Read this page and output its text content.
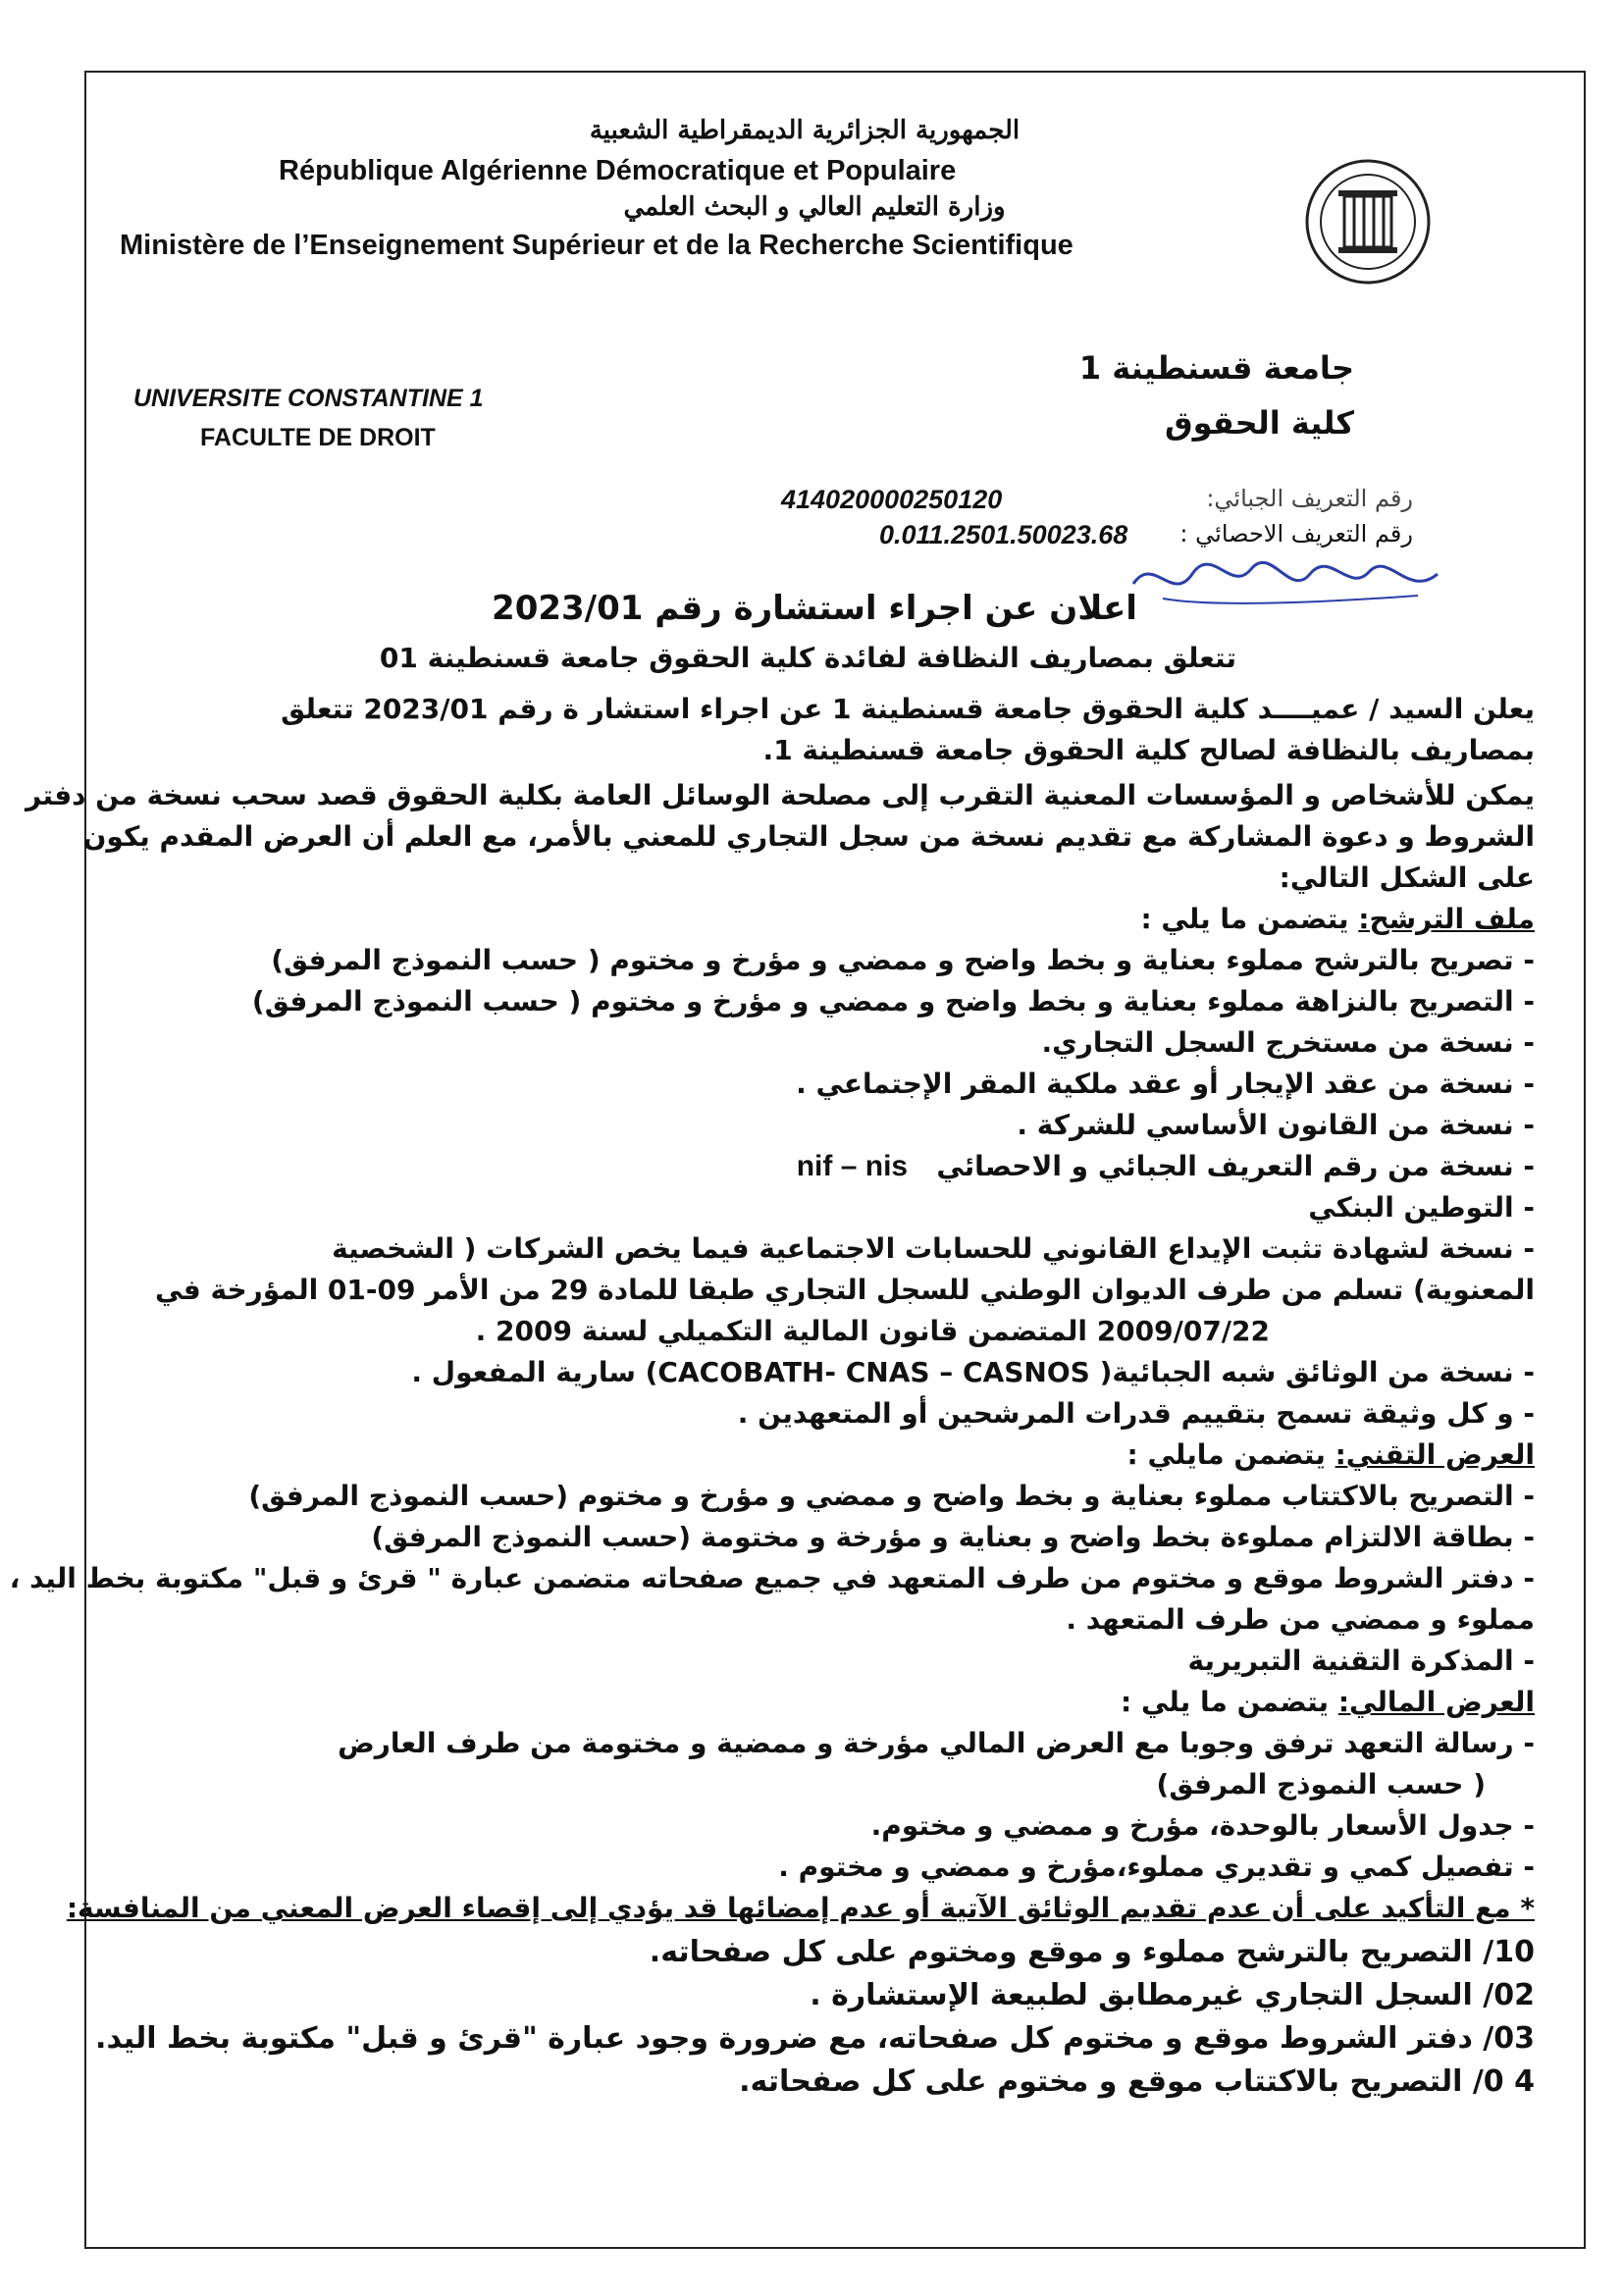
الجمهورية الجزائرية الديمقراطية الشعبية
République Algérienne Démocratique et Populaire
وزارة التعليم العالي و البحث العلمي
Ministère de l’Enseignement Supérieur et de la Recherche Scientifique
جامعة قسنطينة 1
كلية الحقوق
UNIVERSITE CONSTANTINE 1
FACULTE DE DROIT
رقم التعريف الجبائي:
414020000250120
رقم التعريف الاحصائي :
0.011.2501.50023.68
اعلان عن اجراء استشارة رقم 2023/01
تتعلق بمصاريف النظافة لفائدة كلية الحقوق جامعة قسنطينة 01
يعلن السيد / عميــــد كلية الحقوق جامعة قسنطينة 1 عن اجراء استشار ة رقم 2023/01 تتعلق
بمصاريف بالنظافة لصالح كلية الحقوق جامعة قسنطينة 1.
يمكن للأشخاص و المؤسسات المعنية التقرب إلى مصلحة الوسائل العامة بكلية الحقوق قصد سحب نسخة من دفتر
الشروط و دعوة المشاركة مع تقديم نسخة من سجل التجاري للمعني بالأمر، مع العلم أن العرض المقدم يكون
على الشكل التالي:
ملف الترشح: يتضمن ما يلي :
- تصريح بالترشح مملوء بعناية و بخط واضح و ممضي و مؤرخ و مختوم ( حسب النموذج المرفق)
- التصريح بالنزاهة مملوء بعناية و بخط واضح و ممضي و مؤرخ و مختوم ( حسب النموذج المرفق)
- نسخة من مستخرج السجل التجاري.
- نسخة من عقد الإيجار أو عقد ملكية المقر الإجتماعي .
- نسخة من القانون الأساسي للشركة .
- نسخة من رقم التعريف الجبائي و الاحصائي   nif – nis
- التوطين البنكي
- نسخة لشهادة تثبت الإيداع القانوني للحسابات الاجتماعية فيما يخص الشركات ( الشخصية
المعنوية) تسلم من طرف الديوان الوطني للسجل التجاري طبقا للمادة 29 من الأمر 09-01 المؤرخة في
2009/07/22 المتضمن قانون المالية التكميلي لسنة 2009 .
- نسخة من الوثائق شبه الجبائية( CACOBATH- CNAS – CASNOS) سارية المفعول .
- و كل وثيقة تسمح بتقييم قدرات المرشحين أو المتعهدين .
العرض التقني: يتضمن مايلي :
- التصريح بالاكتتاب مملوء بعناية و بخط واضح و ممضي و مؤرخ و مختوم (حسب النموذج المرفق)
- بطاقة الالتزام مملوءة بخط واضح و بعناية و مؤرخة و مختومة (حسب النموذج المرفق)
- دفتر الشروط موقع و مختوم من طرف المتعهد في جميع صفحاته متضمن عبارة " قرئ و قبل" مكتوبة بخط اليد ،
مملوء و ممضي من طرف المتعهد .
- المذكرة التقنية التبريرية
العرض المالي: يتضمن ما يلي :
- رسالة التعهد ترفق وجوبا مع العرض المالي مؤرخة و ممضية و مختومة من طرف العارض
( حسب النموذج المرفق)
- جدول الأسعار بالوحدة، مؤرخ و ممضي و مختوم.
- تفصيل كمي و تقديري مملوء،مؤرخ و ممضي و مختوم .
* مع التأكيد على أن عدم تقديم الوثائق الآتية أو عدم إمضائها قد يؤدي إلى إقصاء العرض المعني من المنافسة:
10/ التصريح بالترشح مملوء و موقع ومختوم على كل صفحاته.
02/ السجل التجاري غيرمطابق لطبيعة الإستشارة .
03/ دفتر الشروط موقع و مختوم كل صفحاته، مع ضرورة وجود عبارة "قرئ و قبل" مكتوبة بخط اليد.
4 0/ التصريح بالاكتتاب موقع و مختوم على كل صفحاته.
